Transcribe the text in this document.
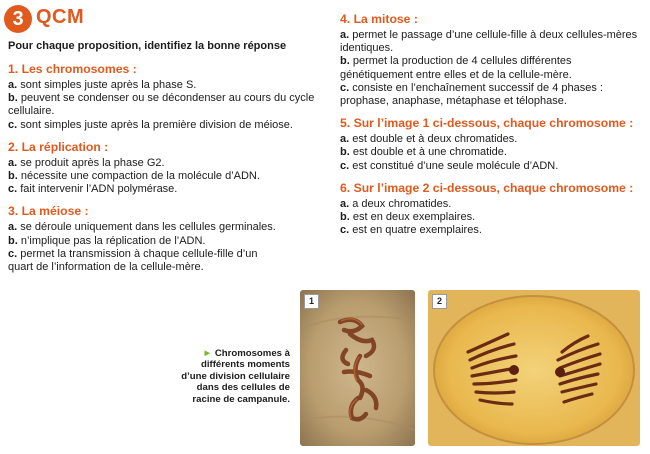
3 QCM
Pour chaque proposition, identifiez la bonne réponse

1. Les chromosomes :

a. sont simples juste après la phase S.

b. peuvent se condenser ou se décondenser au cours du cycle cellulaire.

c. sont simples juste après la première division de méiose.

2. La réplication :

a. se produit après la phase G2.

b. nécessite une compaction de la molécule d’ADN.

c. fait intervenir l’ADN polymérase.

3. La méiose :

a. se déroule uniquement dans les cellules germinales.

b. n’implique pas la réplication de l’ADN.

c. permet la transmission à chaque cellule-fille d’un quart de l’information de la cellule-mère.

4. La mitose :

a. permet le passage d’une cellule-fille à deux cellules-mères identiques.

b. permet la production de 4 cellules différentes génétiquement entre elles et de la cellule-mère.

c. consiste en l’enchaînement successif de 4 phases : prophase, anaphase, métaphase et télophase.

5. Sur l’image 1 ci-dessous, chaque chromosome :

a. est double et à deux chromatides.

b. est double et à une chromatide.

c. est constitué d’une seule molécule d’ADN.

6. Sur l’image 2 ci-dessous, chaque chromosome :

a. a deux chromatides.

b. est en deux exemplaires.

c. est en quatre exemplaires.

► Chromosomes à
différents moments
d’une division cellulaire
dans des cellules de
racine de campanule.
1	2
